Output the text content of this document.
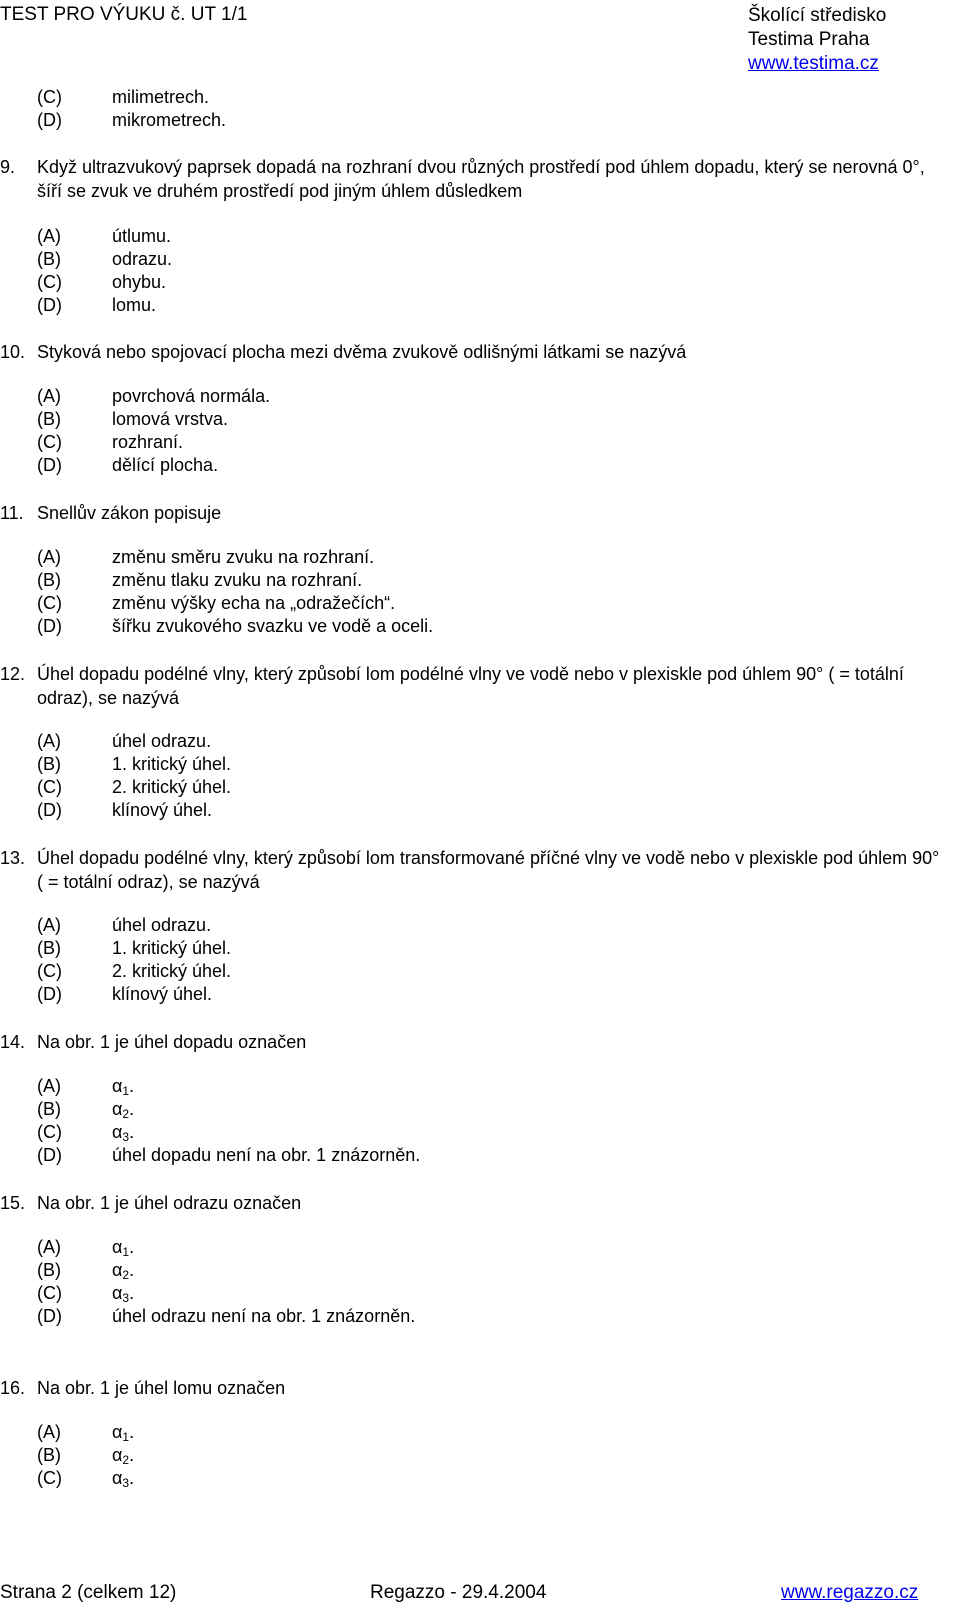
TEST PRO VÝUKU č. UT 1/1	Školící středisko
Testima Praha
www.testima.cz
(C)	milimetrech.
(D)	mikrometrech.
9. Když ultrazvukový paprsek dopadá na rozhraní dvou různých prostředí pod úhlem dopadu, který se nerovná 0°, šíří se zvuk ve druhém prostředí pod jiným úhlem důsledkem
(A)	útlumu.
(B)	odrazu.
(C)	ohybu.
(D)	lomu.
10. Styková nebo spojovací plocha mezi dvěma zvukově odlišnými látkami se nazývá
(A)	povrchová normála.
(B)	lomová vrstva.
(C)	rozhraní.
(D)	dělící plocha.
11. Snellův zákon popisuje
(A)	změnu směru zvuku na rozhraní.
(B)	změnu tlaku zvuku na rozhraní.
(C)	změnu výšky echa na „odražečích“.
(D)	šířku zvukového svazku ve vodě a oceli.
12. Úhel dopadu podélné vlny, který způsobí lom podélné vlny ve vodě nebo v plexiskle pod úhlem 90° ( = totální odraz), se nazývá
(A)	úhel odrazu.
(B)	1. kritický úhel.
(C)	2. kritický úhel.
(D)	klínový úhel.
13. Úhel dopadu podélné vlny, který způsobí lom transformované příčné vlny ve vodě nebo v plexiskle pod úhlem 90° ( = totální odraz), se nazývá
(A)	úhel odrazu.
(B)	1. kritický úhel.
(C)	2. kritický úhel.
(D)	klínový úhel.
14. Na obr. 1 je úhel dopadu označen
(A)	$\alpha_1$.
(B)	$\alpha_2$.
(C)	$\alpha_3$.
(D)	úhel dopadu není na obr. 1 znázorněn.
15. Na obr. 1 je úhel odrazu označen
(A)	$\alpha_1$.
(B)	$\alpha_2$.
(C)	$\alpha_3$.
(D)	úhel odrazu není na obr. 1 znázorněn.
16. Na obr. 1 je úhel lomu označen
(A)	$\alpha_1$.
(B)	$\alpha_2$.
(C)	$\alpha_3$.
Strana 2 (celkem 12)	Regazzo - 29.4.2004	www.regazzo.cz
